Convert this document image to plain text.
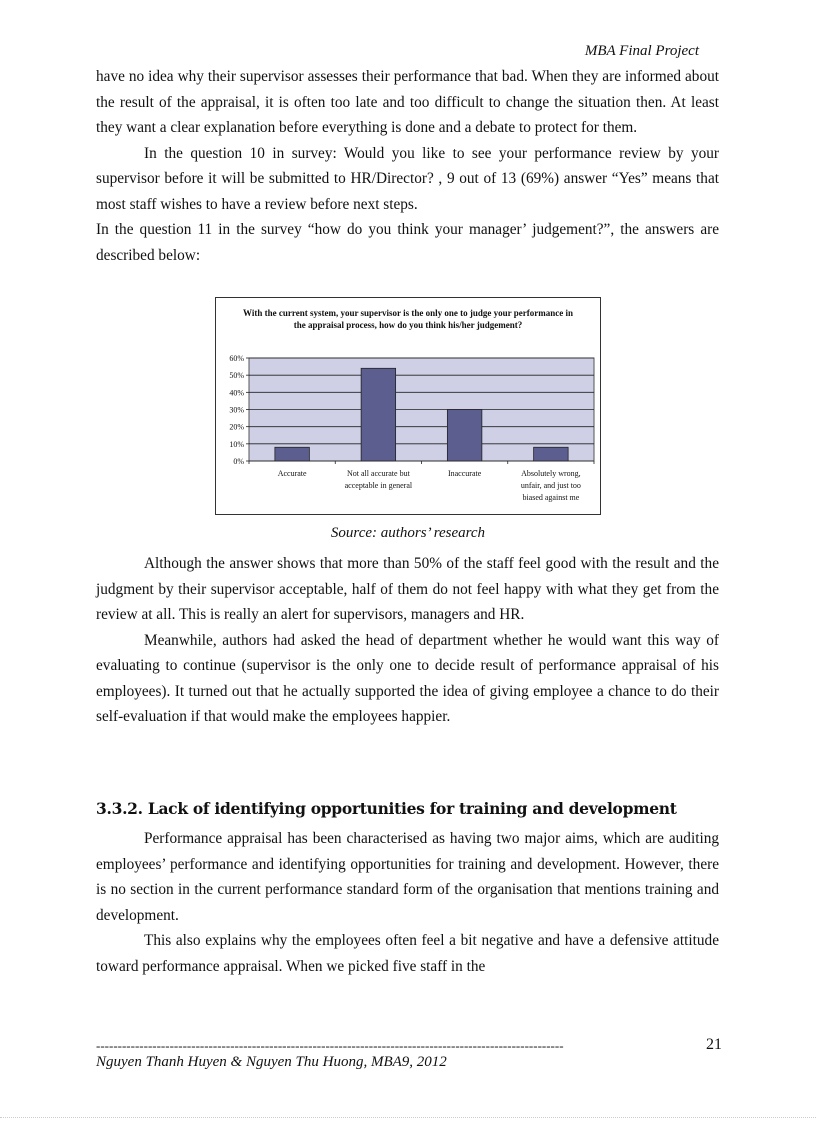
MBA Final Project

have no idea why their supervisor assesses their performance that bad. When they are informed about the result of the appraisal, it is often too late and too difficult to change the situation then. At least they want a clear explanation before everything is done and a debate to protect for them.

In the question 10 in survey: Would you like to see your performance review by your supervisor before it will be submitted to HR/Director? , 9 out of 13 (69%) answer “Yes” means that most staff wishes to have a review before next steps.

In the question 11 in the survey “how do you think your manager’ judgement?”, the answers are described below:

With the current system, your supervisor is the only one to judge your performance in the appraisal process, how do you think his/her judgement?
60%
50%
40%
30%
20%
10%
0%
Accurate	Not all accurate but
acceptable in general
Inaccurate	Absolutely wrong,
unfair, and just too
biased against me
Source: authors’ research

Although the answer shows that more than 50% of the staff feel good with the result and the judgment by their supervisor acceptable, half of them do not feel happy with what they get from the review at all. This is really an alert for supervisors, managers and HR.

Meanwhile, authors had asked the head of department whether he would want this way of evaluating to continue (supervisor is the only one to decide result of performance appraisal of his employees). It turned out that he actually supported the idea of giving employee a chance to do their self-evaluation if that would make the employees happier.

3.3.2. Lack of identifying opportunities for training and development

Performance appraisal has been characterised as having two major aims, which are auditing employees’ performance and identifying opportunities for training and development. However, there is no section in the current performance standard form of the organisation that mentions training and development.

This also explains why the employees often feel a bit negative and have a defensive attitude toward performance appraisal. When we picked five staff in the

------------------------------------------------------------------------------------------------------------	21
Nguyen Thanh Huyen & Nguyen Thu Huong, MBA9, 2012
